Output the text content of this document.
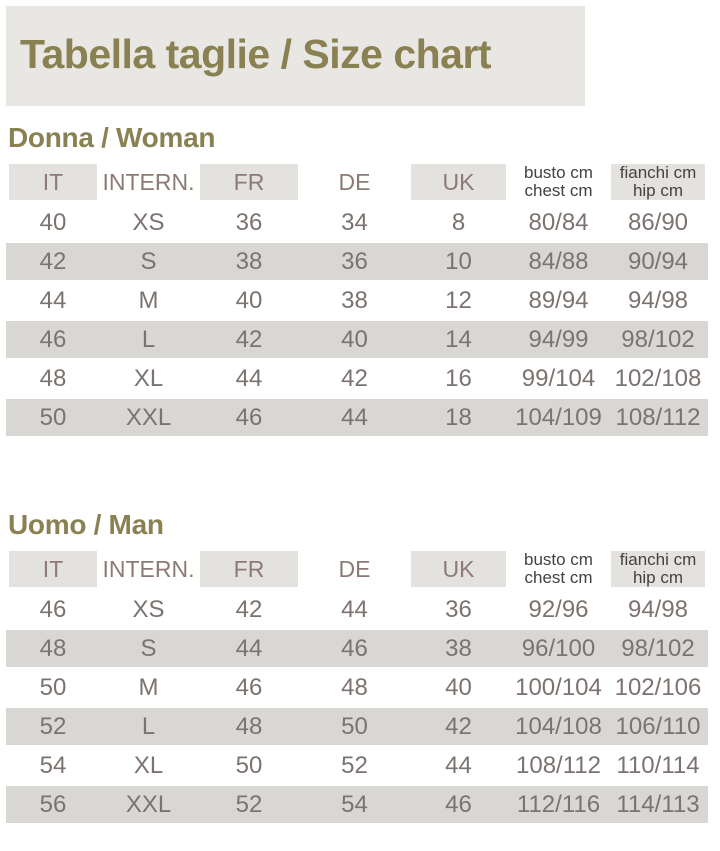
Tabella taglie / Size chart
Donna / Woman
IT	INTERN.	FR	DE	UK	busto cm
chest cm
fianchi cm
hip cm
40	XS	36	34	8	80/84	86/90
42	S	38	36	10	84/88	90/94
44	M	40	38	12	89/94	94/98
46	L	42	40	14	94/99	98/102
48	XL	44	42	16	99/104 102/108
50	XXL	46	44	18	104/109 108/112
Uomo / Man
IT	INTERN.	FR	DE	UK	busto cm
chest cm
fianchi cm
hip cm
46	XS	42	44	36	92/96	94/98
48	S	44	46	38	96/100	98/102
50	M	46	48	40	100/104 102/106
52	L	48	50	42	104/108 106/110
54	XL	50	52	44	108/112 110/114
56	XXL	52	54	46	112/116 114/113
